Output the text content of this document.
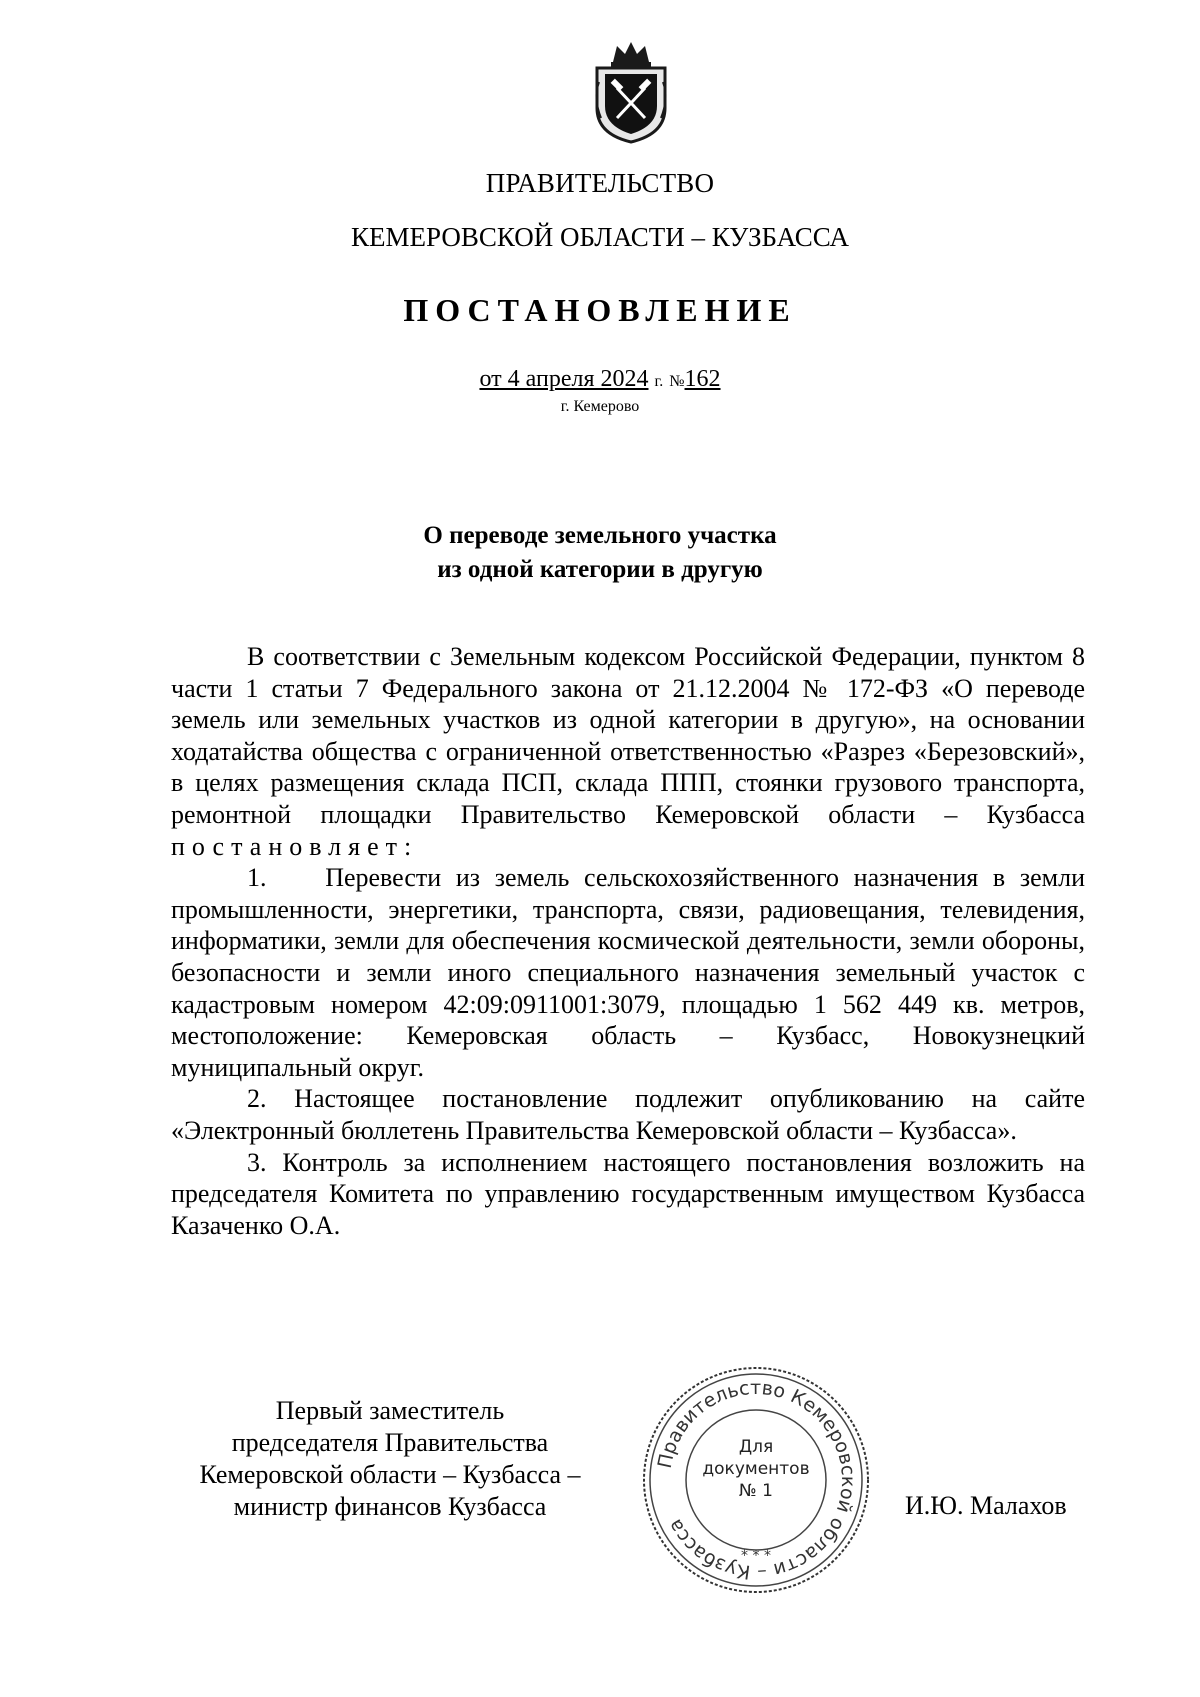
ПРАВИТЕЛЬСТВО
КЕМЕРОВСКОЙ ОБЛАСТИ – КУЗБАССА
ПОСТАНОВЛЕНИЕ
от 4 апреля 2024 г. №162
г. Кемерово
О переводе земельного участка
из одной категории в другую

В соответствии с Земельным кодексом Российской Федерации, пунктом 8 части 1 статьи 7 Федерального закона от 21.12.2004 № 172-ФЗ «О переводе земель или земельных участков из одной категории в другую», на основании ходатайства общества с ограниченной ответственностью «Разрез «Березовский», в целях размещения склада ПСП, склада ППП, стоянки грузового транспорта, ремонтной площадки Правительство Кемеровской области – Кузбасса постановляет:

1.    Перевести из земель сельскохозяйственного назначения в земли промышленности, энергетики, транспорта, связи, радиовещания, телевидения, информатики, земли для обеспечения космической деятельности, земли обороны, безопасности и земли иного специального назначения земельный участок с кадастровым номером 42:09:0911001:3079, площадью 1 562 449 кв. метров, местоположение: Кемеровская область – Кузбасс, Новокузнецкий муниципальный округ.

2. Настоящее постановление подлежит опубликованию на сайте «Электронный бюллетень Правительства Кемеровской области – Кузбасса».

3. Контроль за исполнением настоящего постановления возложить на председателя Комитета по управлению государственным имуществом Кузбасса Казаченко О.А.

Первый заместитель
председателя Правительства
Кемеровской области – Кузбасса –
министр финансов Кузбасса
Правительство Кемеровской области – Кузбасса
* * *
Для
документов
№ 1	И.Ю. Малахов
